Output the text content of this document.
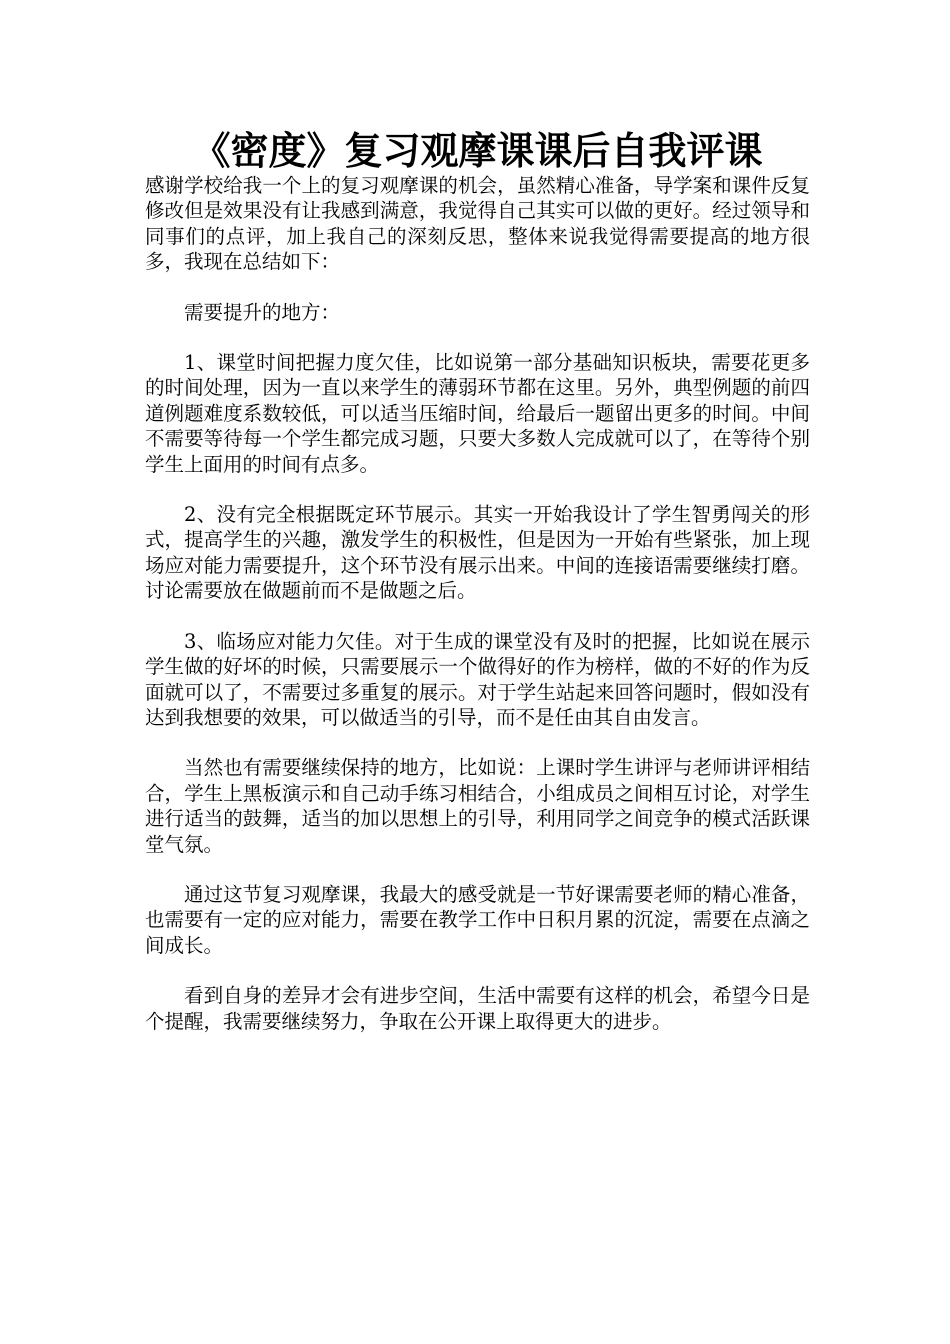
《密度》复习观摩课课后自我评课

感谢学校给我一个上的复习观摩课的机会，虽然精心准备，导学案和课件反复修改但是效果没有让我感到满意，我觉得自己其实可以做的更好。经过领导和同事们的点评，加上我自己的深刻反思，整体来说我觉得需要提高的地方很多，我现在总结如下：

需要提升的地方：

1、课堂时间把握力度欠佳，比如说第一部分基础知识板块，需要花更多的时间处理，因为一直以来学生的薄弱环节都在这里。另外，典型例题的前四道例题难度系数较低，可以适当压缩时间，给最后一题留出更多的时间。中间不需要等待每一个学生都完成习题，只要大多数人完成就可以了，在等待个别学生上面用的时间有点多。

2、没有完全根据既定环节展示。其实一开始我设计了学生智勇闯关的形式，提高学生的兴趣，激发学生的积极性，但是因为一开始有些紧张，加上现场应对能力需要提升，这个环节没有展示出来。中间的连接语需要继续打磨。讨论需要放在做题前而不是做题之后。

3、临场应对能力欠佳。对于生成的课堂没有及时的把握，比如说在展示学生做的好坏的时候，只需要展示一个做得好的作为榜样，做的不好的作为反面就可以了，不需要过多重复的展示。对于学生站起来回答问题时，假如没有达到我想要的效果，可以做适当的引导，而不是任由其自由发言。

当然也有需要继续保持的地方，比如说：上课时学生讲评与老师讲评相结合，学生上黑板演示和自己动手练习相结合，小组成员之间相互讨论，对学生进行适当的鼓舞，适当的加以思想上的引导，利用同学之间竞争的模式活跃课堂气氛。

通过这节复习观摩课，我最大的感受就是一节好课需要老师的精心准备，也需要有一定的应对能力，需要在教学工作中日积月累的沉淀，需要在点滴之间成长。

看到自身的差异才会有进步空间，生活中需要有这样的机会，希望今日是个提醒，我需要继续努力，争取在公开课上取得更大的进步。
